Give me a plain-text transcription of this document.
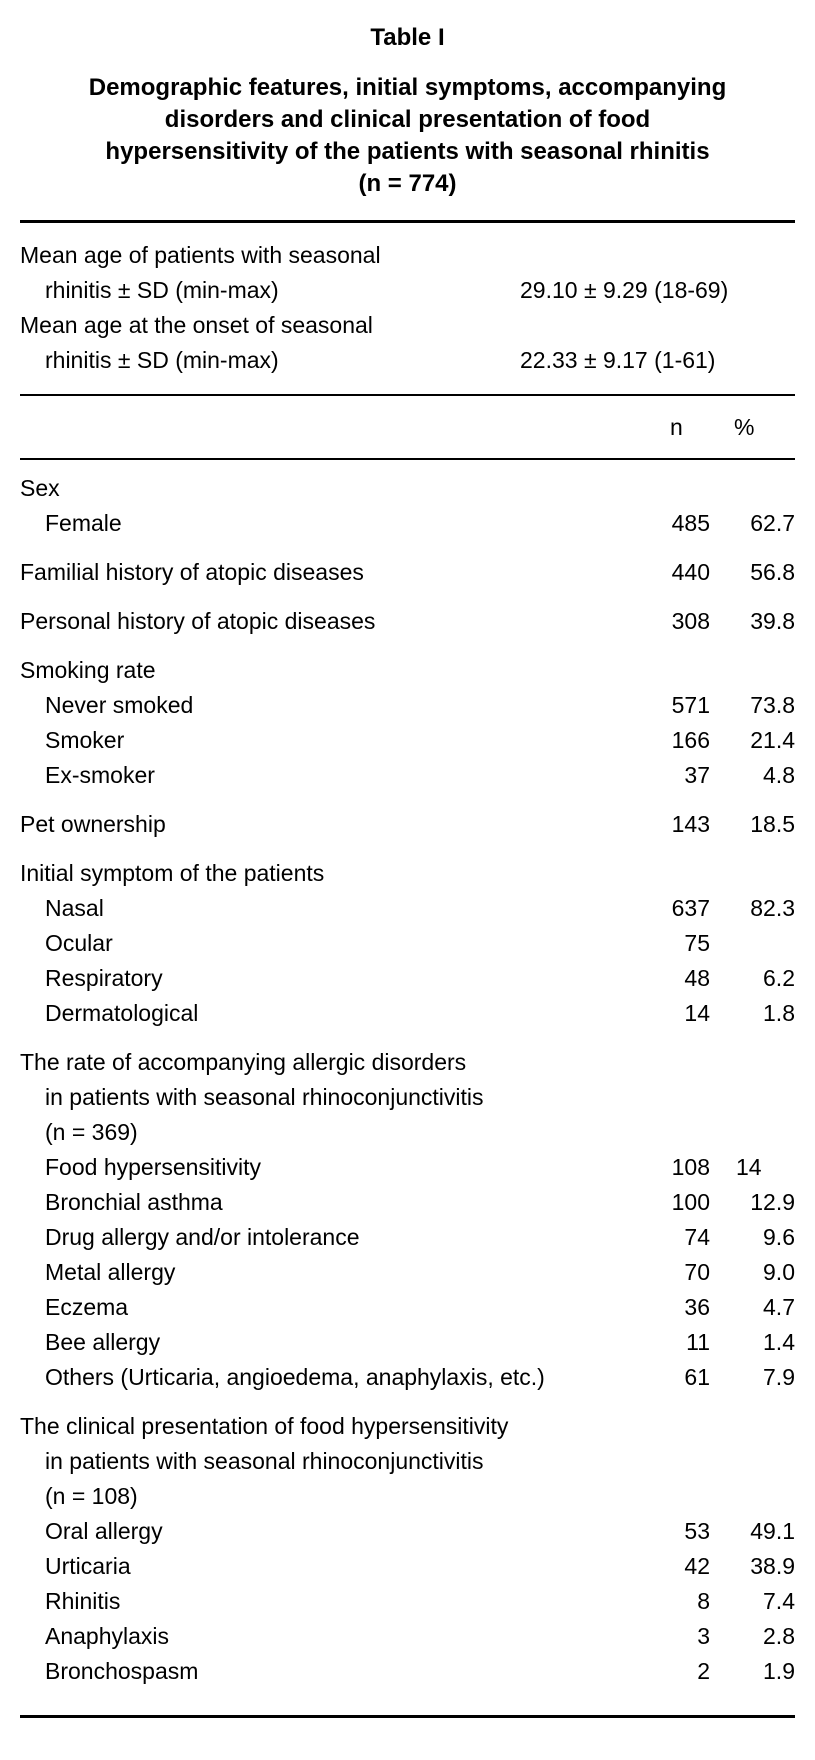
Table I
Demographic features, initial symptoms, accompanying
disorders and clinical presentation of food
hypersensitivity of the patients with seasonal rhinitis
(n = 774)
Mean age of patients with seasonal
rhinitis ± SD (min-max)	29.10 ± 9.29 (18-69)
Mean age at the onset of seasonal
rhinitis ± SD (min-max)	22.33 ± 9.17 (1-61)
n %
Sex
Female	485	62.7
Familial history of atopic diseases	440	56.8
Personal history of atopic diseases	308	39.8
Smoking rate
Never smoked	571	73.8
Smoker	166	21.4
Ex-smoker	37	4.8
Pet ownership	143	18.5
Initial symptom of the patients
Nasal	637	82.3
Ocular	75
Respiratory	48	6.2
Dermatological	14	1.8
The rate of accompanying allergic disorders
in patients with seasonal rhinoconjunctivitis
(n = 369)
Food hypersensitivity	108	14
Bronchial asthma	100	12.9
Drug allergy and/or intolerance	74	9.6
Metal allergy	70	9.0
Eczema	36	4.7
Bee allergy	11	1.4
Others (Urticaria, angioedema, anaphylaxis, etc.)	61	7.9
The clinical presentation of food hypersensitivity
in patients with seasonal rhinoconjunctivitis
(n = 108)
Oral allergy	53	49.1
Urticaria	42	38.9
Rhinitis	8	7.4
Anaphylaxis	3	2.8
Bronchospasm	2	1.9
